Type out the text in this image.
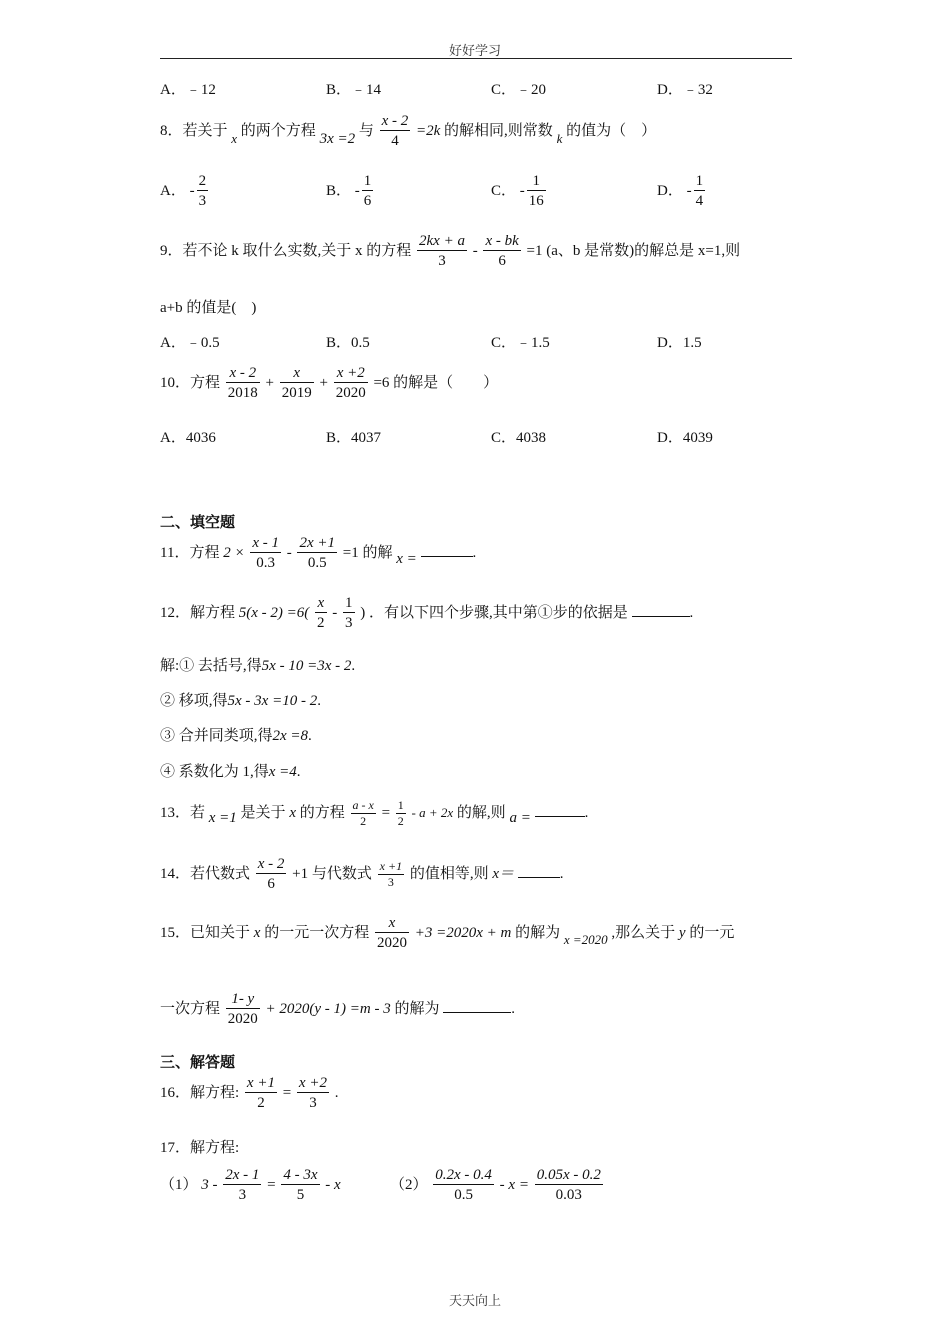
好好学习
天天向上
A．﹣12	B．﹣14	C．﹣20	D．﹣32
8．若关于 x 的两个方程 3x =2 与 $\frac{x - 2}{4} =2k$ 的解相同,则常数 k 的值为（　）
A． - $\frac{2}{3}$	B． - $\frac{1}{6}$	C． - $\frac{1}{16}$	D． - $\frac{1}{4}$
9．若不论 k 取什么实数,关于 x 的方程 $\frac{2kx + a}{3} - \frac{x - bk}{6} =1$ (a、b 是常数)的解总是 x=1,则
a+b 的值是(　)
A．﹣0.5	B．0.5	C．﹣1.5	D．1.5
10．方程 $\frac{x - 2}{2018} + \frac{x}{2019} + \frac{x +2}{2020} =6$ 的解是（　　）
A．4036	B．4037	C．4038	D．4039
二、填空题
11．方程 $2 \times \frac{x - 1}{0.3} - \frac{2x +1}{0.5} =1$ 的解 x =	.
12．解方程 $5(x - 2) =6( \frac{x}{2} - \frac{1}{3}$ ) ．有以下四个步骤,其中第①步的依据是	.
解:① 去括号,得5x - 10 =3x - 2.
② 移项,得5x - 3x =10 - 2.
③ 合并同类项,得2x =8.
④ 系数化为 1,得x =4.
13．若 x =1 是关于 x 的方程 $\frac{a - x}{2} = \frac{1}{2} - a + 2x$ 的解,则 a =	.
14．若代数式 $\frac{x - 2}{6} +1$ 与代数式 $\frac{x +1}{3}$ 的值相等,则 x＝	.
15．已知关于 x 的一元一次方程 $\frac{x}{2020} +3 =2020x + m$ 的解为 x =2020 ,那么关于 y 的一元
一次方程 $\frac{1- y}{2020} + 2020(y - 1) =m - 3$ 的解为	.
三、解答题
16．解方程: $\frac{x +1}{2} = \frac{x +2}{3}$ .
17．解方程:
（1） $3 - \frac{2x - 1}{3} = \frac{4 - 3x}{5} - x$	$(2) \frac{0.2x - 0.4}{0.5} - x = \frac{0.05x - 0.2}{0.03}$
